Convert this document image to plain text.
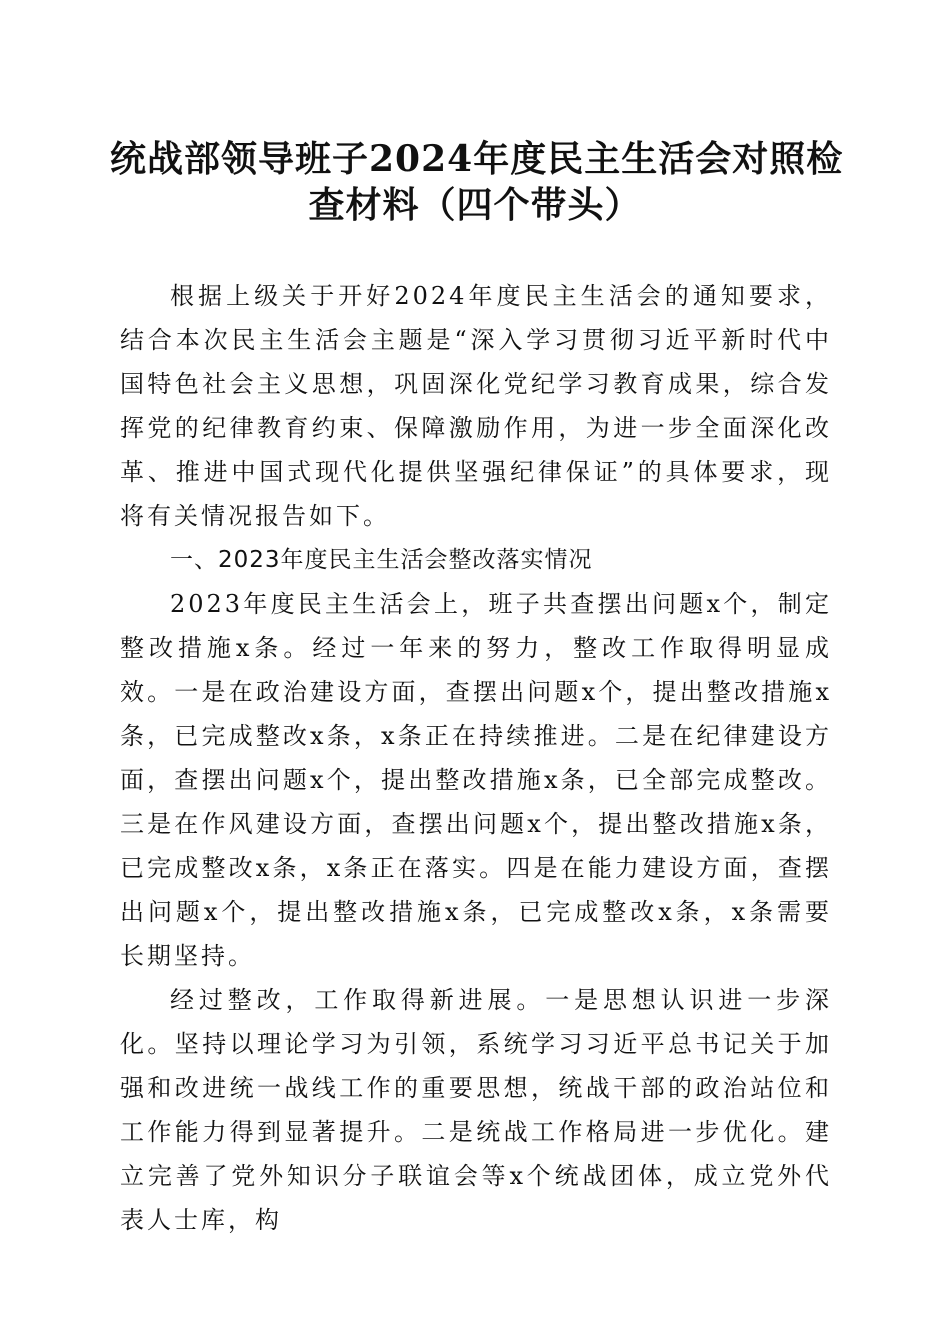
统战部领导班子2024年度民主生活会对照检
查材料（四个带头）

根据上级关于开好2024年度民主生活会的通知要求，结合本次民主生活会主题是“深入学习贯彻习近平新时代中国特色社会主义思想，巩固深化党纪学习教育成果，综合发挥党的纪律教育约束、保障激励作用，为进一步全面深化改革、推进中国式现代化提供坚强纪律保证”的具体要求，现将有关情况报告如下。

一、2023年度民主生活会整改落实情况

2023年度民主生活会上，班子共查摆出问题x个，制定整改措施x条。经过一年来的努力，整改工作取得明显成效。一是在政治建设方面，查摆出问题x个，提出整改措施x条，已完成整改x条，x条正在持续推进。二是在纪律建设方面，查摆出问题x个，提出整改措施x条，已全部完成整改。三是在作风建设方面，查摆出问题x个，提出整改措施x条，已完成整改x条，x条正在落实。四是在能力建设方面，查摆出问题x个，提出整改措施x条，已完成整改x条，x条需要长期坚持。

经过整改，工作取得新进展。一是思想认识进一步深化。坚持以理论学习为引领，系统学习习近平总书记关于加强和改进统一战线工作的重要思想，统战干部的政治站位和工作能力得到显著提升。二是统战工作格局进一步优化。建立完善了党外知识分子联谊会等x个统战团体，成立党外代表人士库，构
